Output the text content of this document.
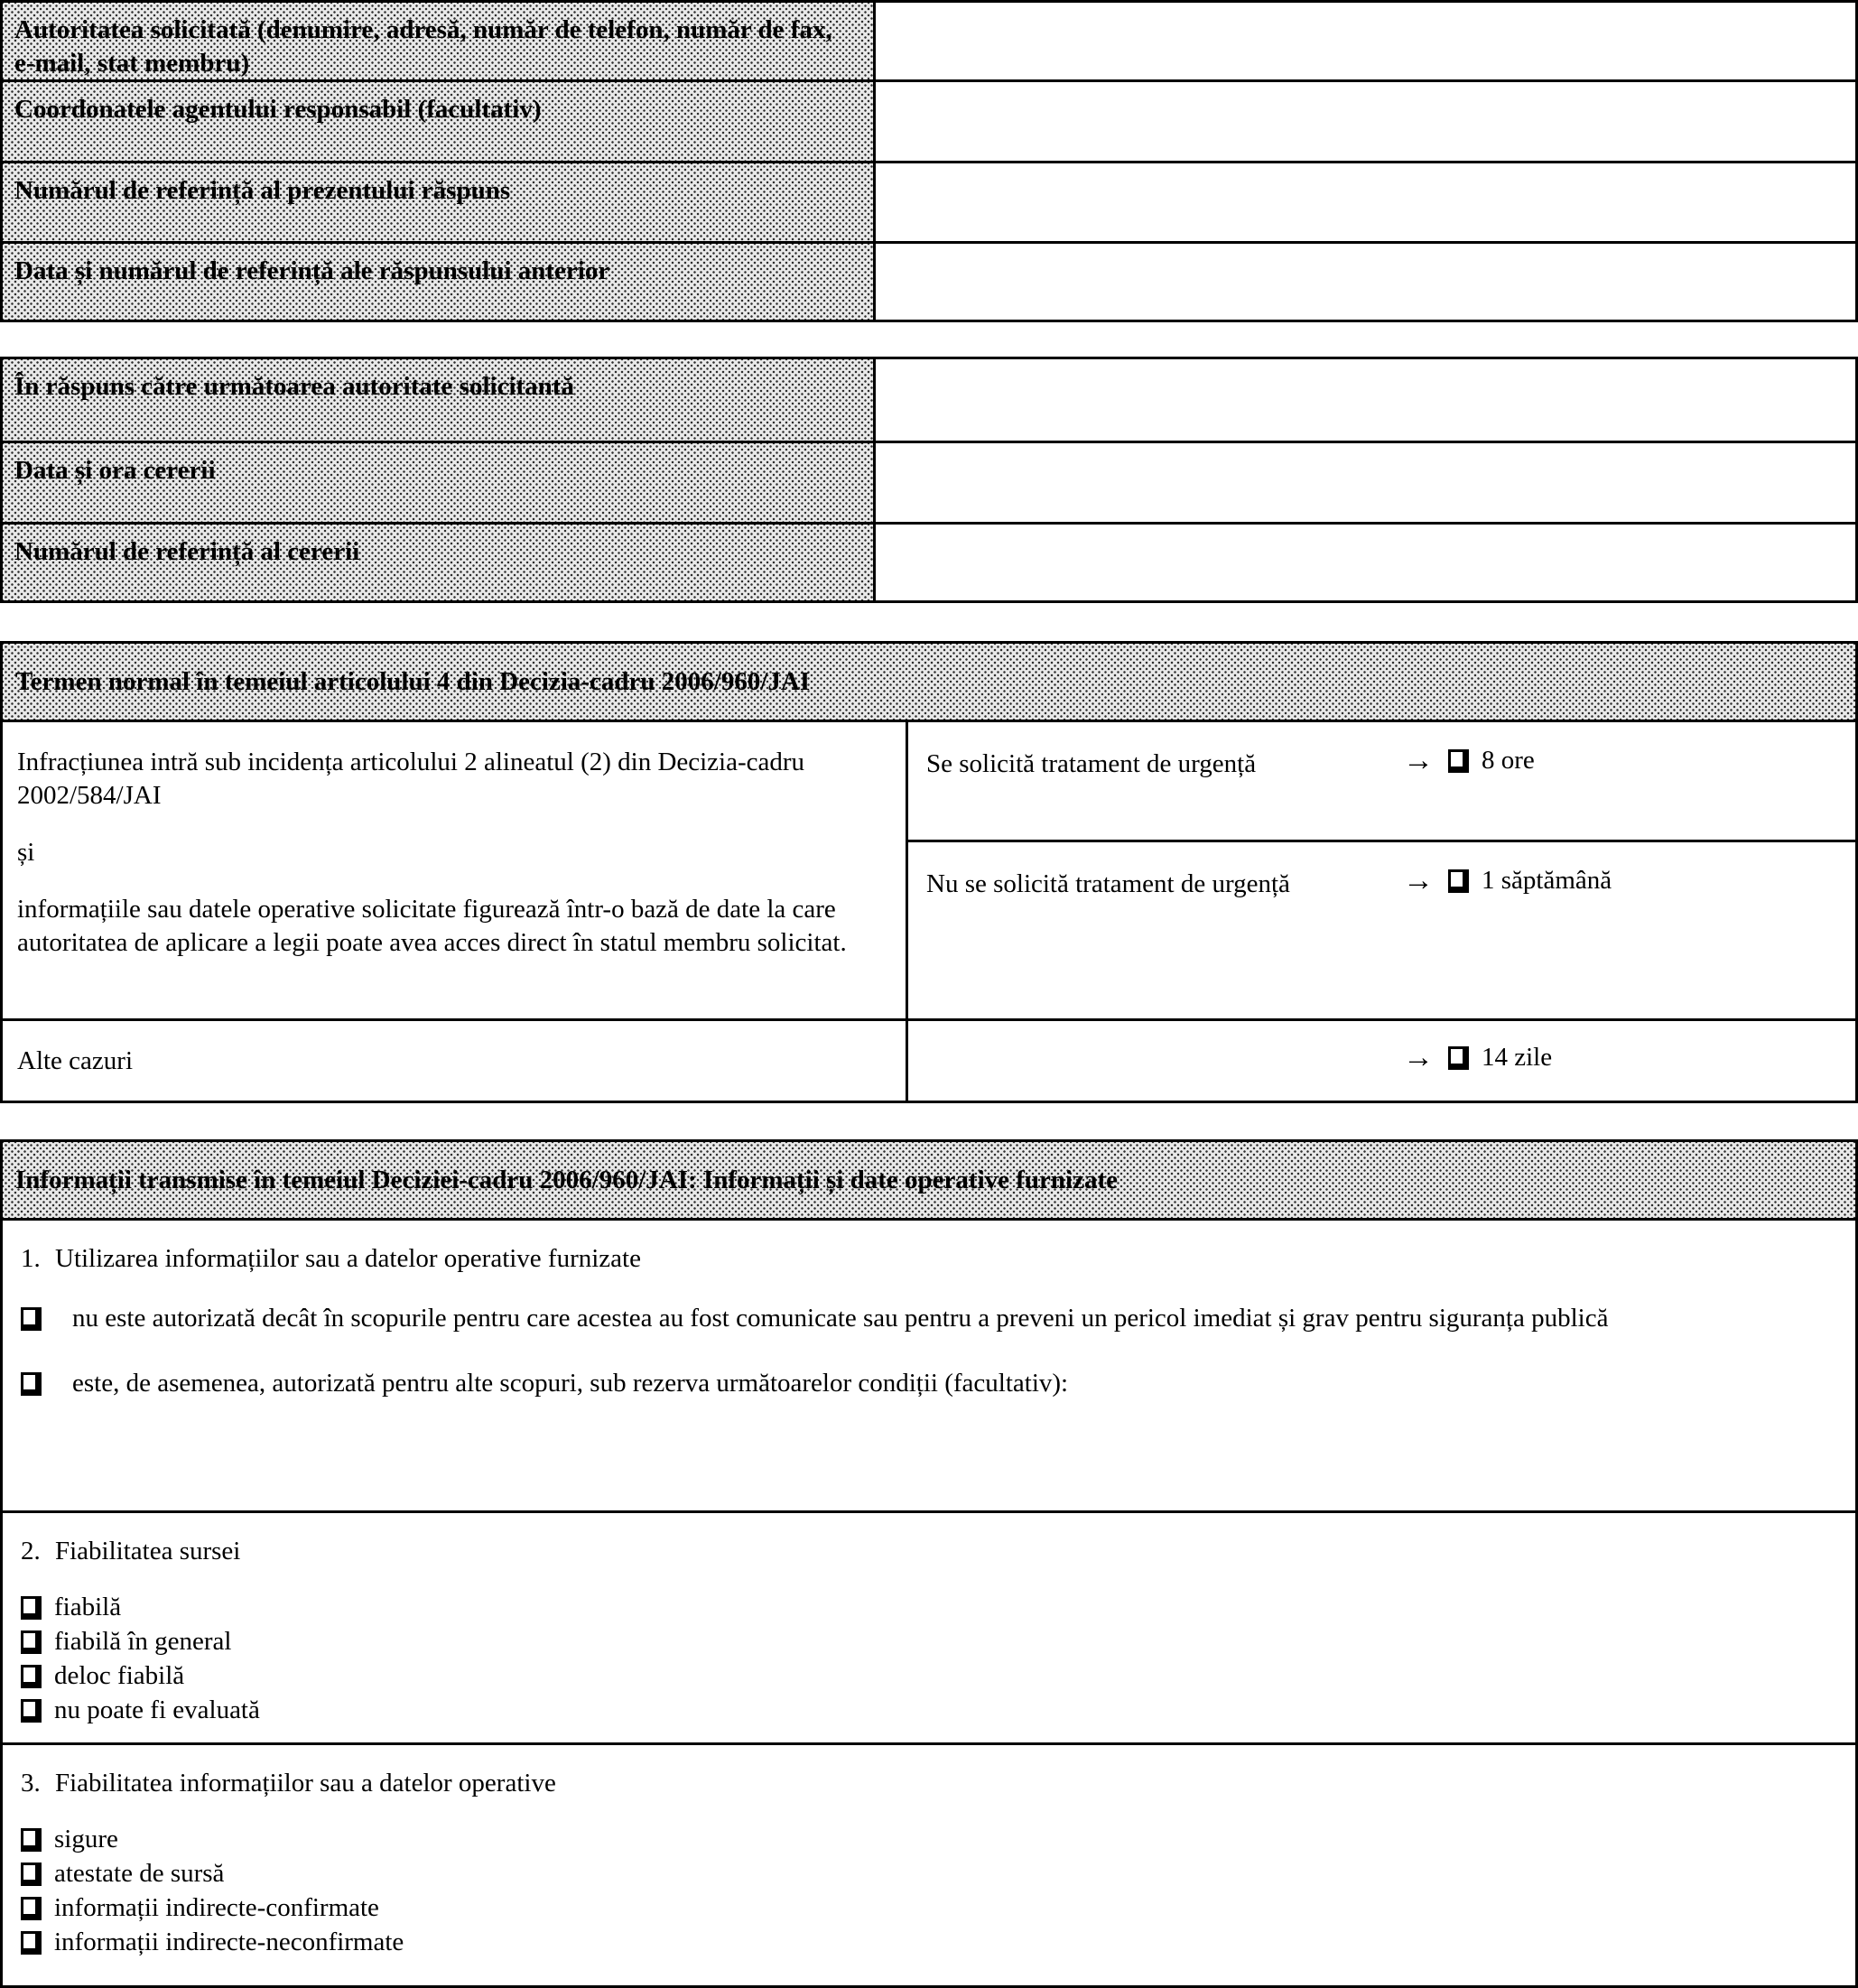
Autoritatea solicitată (denumire, adresă, număr de telefon, număr de fax, e-mail, stat membru)
Coordonatele agentului responsabil (facultativ)
Numărul de referință al prezentului răspuns
Data și numărul de referință ale răspunsului anterior
În răspuns către următoarea autoritate solicitantă
Data și ora cererii
Numărul de referință al cererii
Termen normal în temeiul articolului 4 din Decizia-cadru 2006/960/JAI

Infracțiunea intră sub incidența articolului 2 alineatul (2) din Decizia-cadru 2002/584/JAI

și

informațiile sau datele operative solicitate figurează într-o bază de date la care autoritatea de aplicare a legii poate avea acces direct în statul membru solicitat.

Se solicită tratament de urgență	→ 8 ore
Nu se solicită tratament de urgență	→ 1 săptămână
Alte cazuri	→ 14 zile
Informații transmise în temeiul Deciziei-cadru 2006/960/JAI: Informații și date operative furnizate
1. Utilizarea informațiilor sau a datelor operative furnizate
nu este autorizată decât în scopurile pentru care acestea au fost comunicate sau pentru a preveni un pericol imediat și grav pentru siguranța publică
este, de asemenea, autorizată pentru alte scopuri, sub rezerva următoarelor condiții (facultativ):
2. Fiabilitatea sursei
fiabilă
fiabilă în general
deloc fiabilă
nu poate fi evaluată
3. Fiabilitatea informațiilor sau a datelor operative
sigure
atestate de sursă
informații indirecte-confirmate
informații indirecte-neconfirmate
